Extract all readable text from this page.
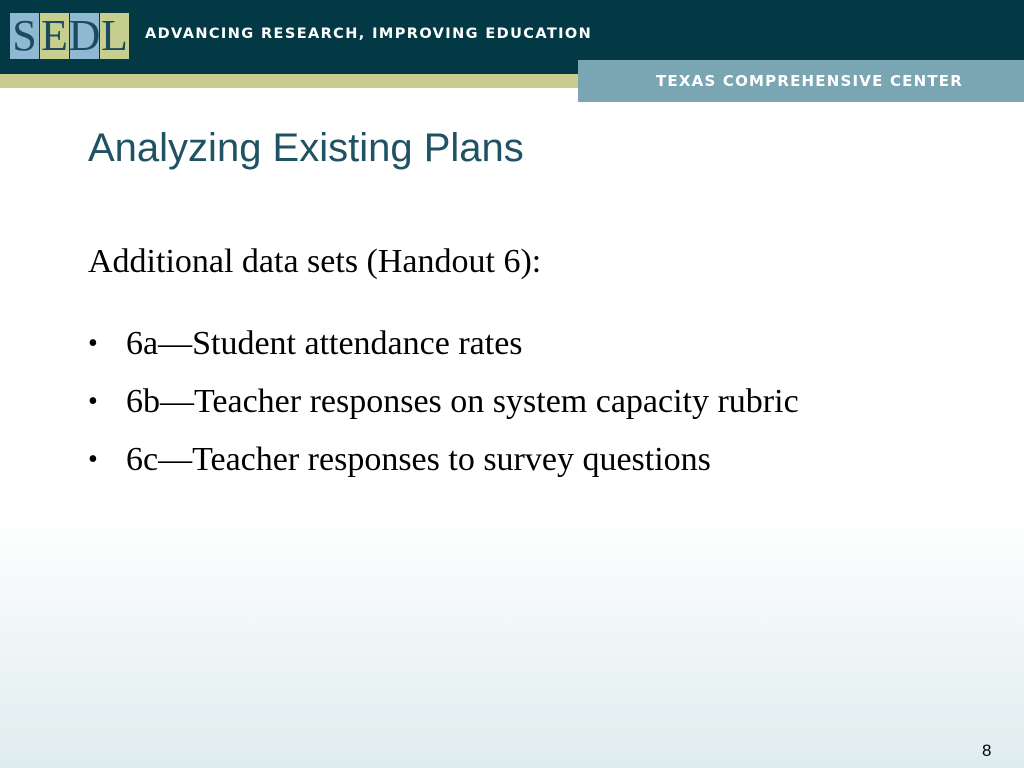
S E D L ADVANCING RESEARCH, IMPROVING EDUCATION
TEXAS COMPREHENSIVE CENTER
Analyzing Existing Plans
Additional data sets (Handout 6):
• 6a—Student attendance rates
• 6b—Teacher responses on system capacity rubric
• 6c—Teacher responses to survey questions
8
